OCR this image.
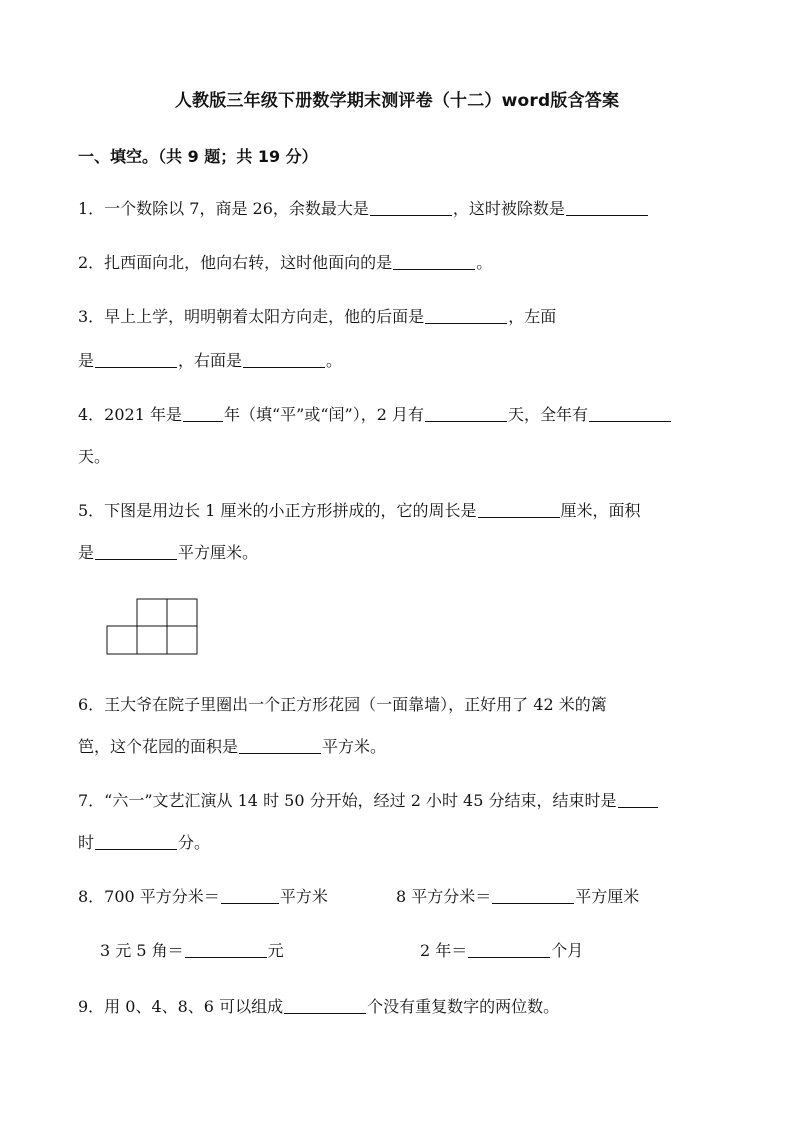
人教版三年级下册数学期末测评卷（十二）word版含答案
一、填空。（共 9 题；共 19 分）
1．一个数除以 7，商是 26，余数最大是	，这时被除数是
2．扎西面向北，他向右转，这时他面向的是	。
3．早上上学，明明朝着太阳方向走，他的后面是	，左面
是	，右面是	。
4．2021 年是	年（填“平”或“闰”），2 月有	天，全年有
天。
5．下图是用边长 1 厘米的小正方形拼成的，它的周长是	厘米，面积
是	平方厘米。
6．王大爷在院子里圈出一个正方形花园（一面靠墙），正好用了 42 米的篱
笆，这个花园的面积是	平方米。
7．“六一”文艺汇演从 14 时 50 分开始，经过 2 小时 45 分结束，结束时是
时	分。
8．700 平方分米＝	平方米	8 平方分米＝	平方厘米
3 元 5 角＝	元	2 年＝	个月
9．用 0、4、8、6 可以组成	个没有重复数字的两位数。
